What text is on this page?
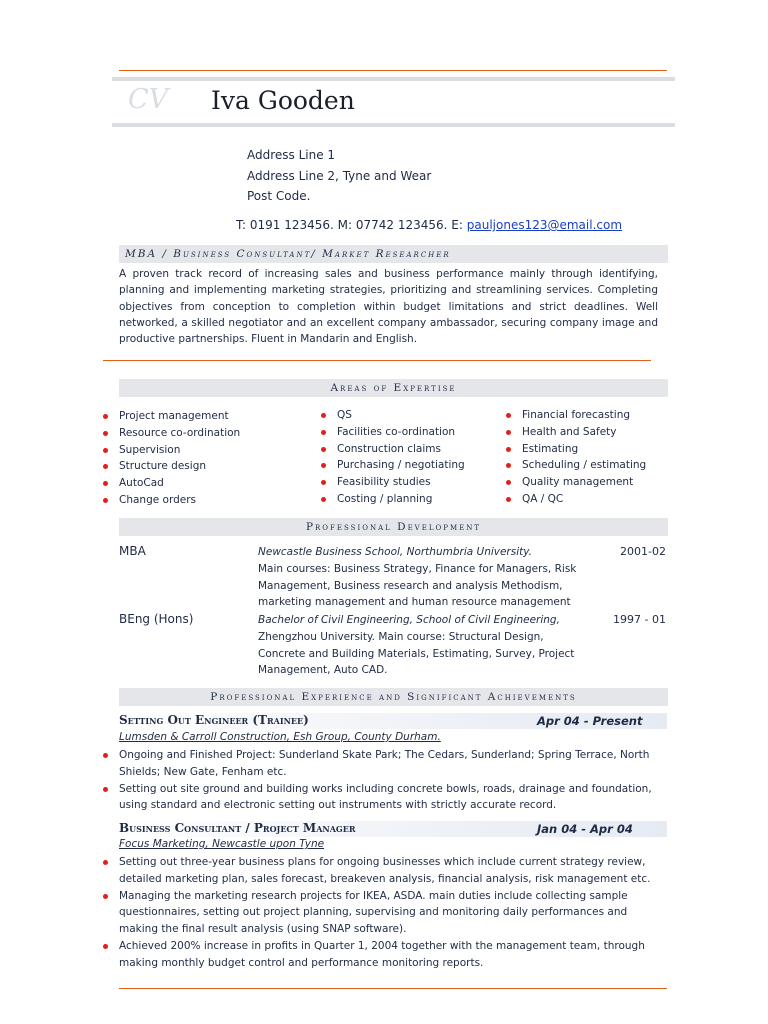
CV Iva Gooden
Address Line 1
Address Line 2, Tyne and Wear
Post Code.
T: 0191 123456. M: 07742 123456. E: pauljones123@email.com
MBA / Business Consultant/ Market Researcher
A proven track record of increasing sales and business performance mainly through identifying, planning and implementing marketing strategies, prioritizing and streamlining services. Completing objectives from conception to completion within budget limitations and strict deadlines. Well networked, a skilled negotiator and an excellent company ambassador, securing company image and productive partnerships. Fluent in Mandarin and English.
Areas of Expertise
Project management
Resource co-ordination
Supervision
Structure design
AutoCad
Change orders
QS
Facilities co-ordination
Construction claims
Purchasing / negotiating
Feasibility studies
Costing / planning
Financial forecasting
Health and Safety
Estimating
Scheduling / estimating
Quality management
QA / QC
Professional Development
MBA	Newcastle Business School, Northumbria University.
Main courses: Business Strategy, Finance for Managers, Risk Management, Business research and analysis Methodism, marketing management and human resource management
2001-02
BEng (Hons)	Bachelor of Civil Engineering, School of Civil Engineering,
Zhengzhou University. Main course: Structural Design, Concrete and Building Materials, Estimating, Survey, Project Management, Auto CAD.
1997 - 01
Professional Experience and Significant Achievements
Setting Out Engineer (Trainee)	Apr 04 - Present
Lumsden & Carroll Construction, Esh Group, County Durham.
Ongoing and Finished Project: Sunderland Skate Park; The Cedars, Sunderland; Spring Terrace, North Shields; New Gate, Fenham etc.
Setting out site ground and building works including concrete bowls, roads, drainage and foundation, using standard and electronic setting out instruments with strictly accurate record.
Business Consultant / Project Manager	Jan 04 - Apr 04
Focus Marketing, Newcastle upon Tyne
Setting out three-year business plans for ongoing businesses which include current strategy review, detailed marketing plan, sales forecast, breakeven analysis, financial analysis, risk management etc.
Managing the marketing research projects for IKEA, ASDA. main duties include collecting sample questionnaires, setting out project planning, supervising and monitoring daily performances and making the final result analysis (using SNAP software).
Achieved 200% increase in profits in Quarter 1, 2004 together with the management team, through making monthly budget control and performance monitoring reports.
